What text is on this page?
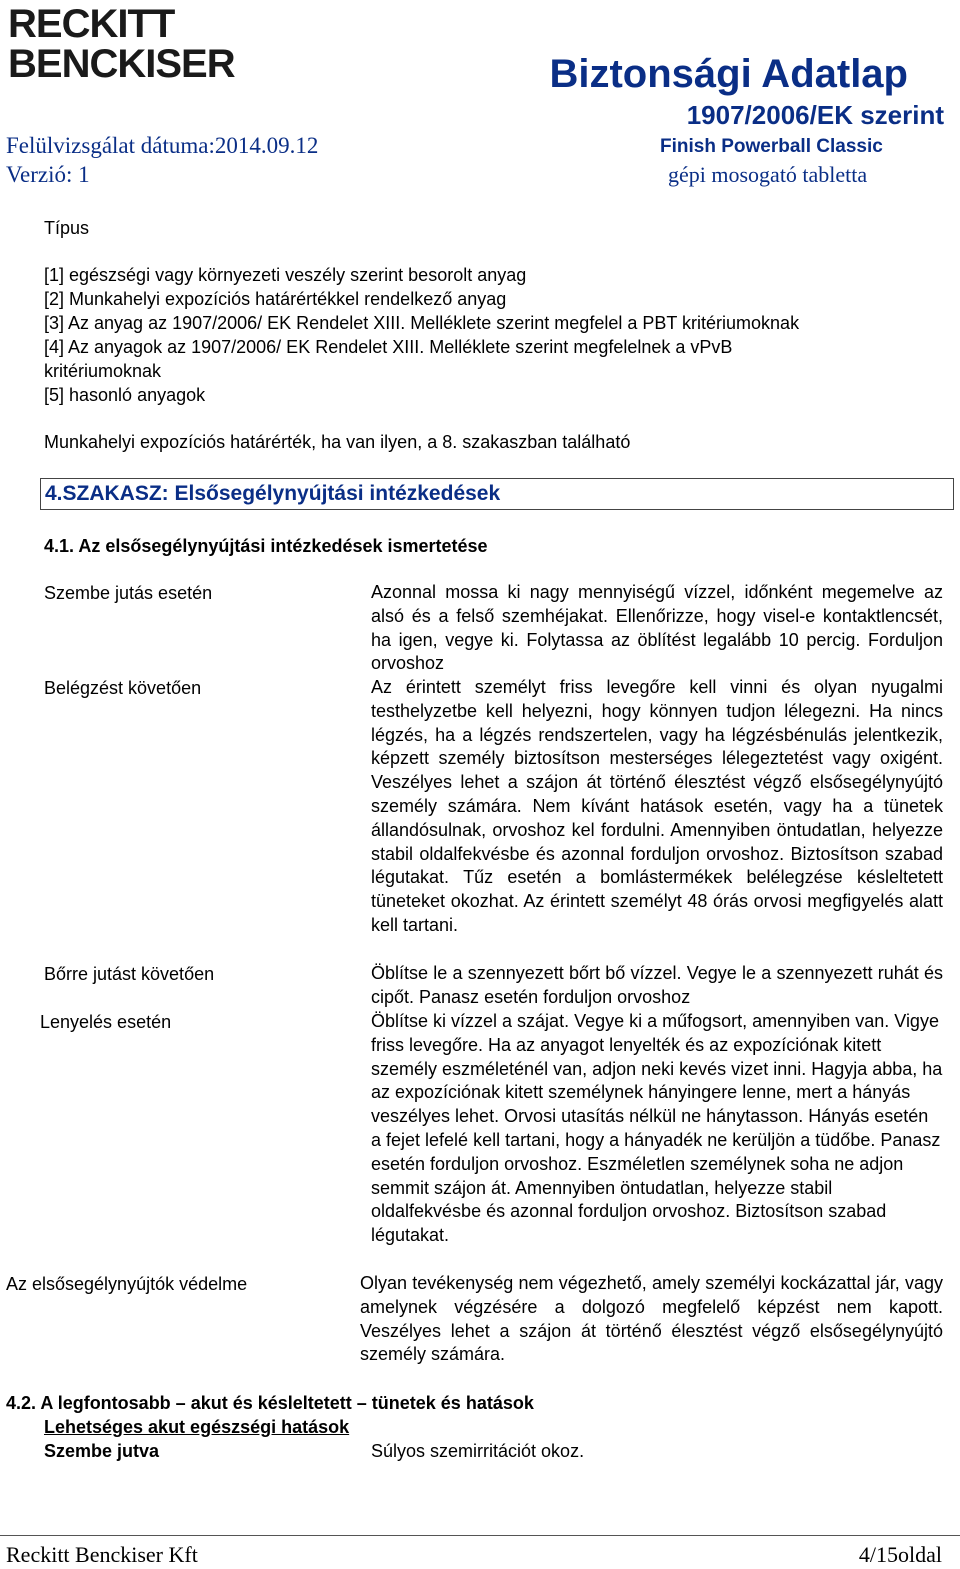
RECKITT
BENCKISER	Biztonsági Adatlap
1907/2006/EK szerint
Felülvizsgálat dátuma:2014.09.12
Verzió: 1
Finish Powerball Classic
gépi mosogató tabletta
Típus
[1] egészségi vagy környezeti veszély szerint besorolt anyag
[2] Munkahelyi expozíciós határértékkel rendelkező anyag
[3] Az anyag az 1907/2006/ EK Rendelet XIII. Melléklete szerint megfelel a PBT kritériumoknak
[4] Az anyagok az 1907/2006/ EK Rendelet XIII. Melléklete szerint megfelelnek a vPvB
kritériumoknak
[5] hasonló anyagok
Munkahelyi expozíciós határérték, ha van ilyen, a 8. szakaszban található
4.SZAKASZ: Elsősegélynyújtási intézkedések
4.1. Az elsősegélynyújtási intézkedések ismertetése
Szembe jutás esetén	Azonnal mossa ki nagy mennyiségű vízzel, időnként megemelve az alsó és a felső szemhéjakat. Ellenőrizze, hogy visel-e kontaktlencsét, ha igen, vegye ki. Folytassa az öblítést legalább 10 percig. Forduljon orvoshoz
Belégzést követően	Az érintett személyt friss levegőre kell vinni és olyan nyugalmi testhelyzetbe kell helyezni, hogy könnyen tudjon lélegezni. Ha nincs légzés, ha a légzés rendszertelen, vagy ha légzésbénulás jelentkezik, képzett személy biztosítson mesterséges lélegeztetést vagy oxigént. Veszélyes lehet a szájon át történő élesztést végző elsősegélynyújtó személy számára. Nem kívánt hatások esetén, vagy ha a tünetek állandósulnak, orvoshoz kel fordulni. Amennyiben öntudatlan, helyezze stabil oldalfekvésbe és azonnal forduljon orvoshoz. Biztosítson szabad légutakat. Tűz esetén a bomlástermékek belélegzése késleltetett tüneteket okozhat. Az érintett személyt 48 órás orvosi megfigyelés alatt kell tartani.
Bőrre jutást követően	Öblítse le a szennyezett bőrt bő vízzel. Vegye le a szennyezett ruhát és cipőt. Panasz esetén forduljon orvoshoz
Lenyelés esetén	Öblítse ki vízzel a szájat. Vegye ki a műfogsort, amennyiben van. Vigye friss levegőre. Ha az anyagot lenyelték és az expozíciónak kitett személy eszméleténél van, adjon neki kevés vizet inni. Hagyja abba, ha az expozíciónak kitett személynek hányingere lenne, mert a hányás veszélyes lehet. Orvosi utasítás nélkül ne hánytasson. Hányás esetén a fejet lefelé kell tartani, hogy a hányadék ne kerüljön a tüdőbe. Panasz esetén forduljon orvoshoz. Eszméletlen személynek soha ne adjon semmit szájon át. Amennyiben öntudatlan, helyezze stabil oldalfekvésbe és azonnal forduljon orvoshoz. Biztosítson szabad légutakat.
Az elsősegélynyújtók védelme	Olyan tevékenység nem végezhető, amely személyi kockázattal jár, vagy amelynek végzésére a dolgozó megfelelő képzést nem kapott. Veszélyes lehet a szájon át történő élesztést végző elsősegélynyújtó személy számára.
4.2. A legfontosabb – akut és késleltetett – tünetek és hatások
Lehetséges akut egészségi hatások
Szembe jutva	Súlyos szemirritációt okoz.
Reckitt Benckiser Kft	4/15oldal
